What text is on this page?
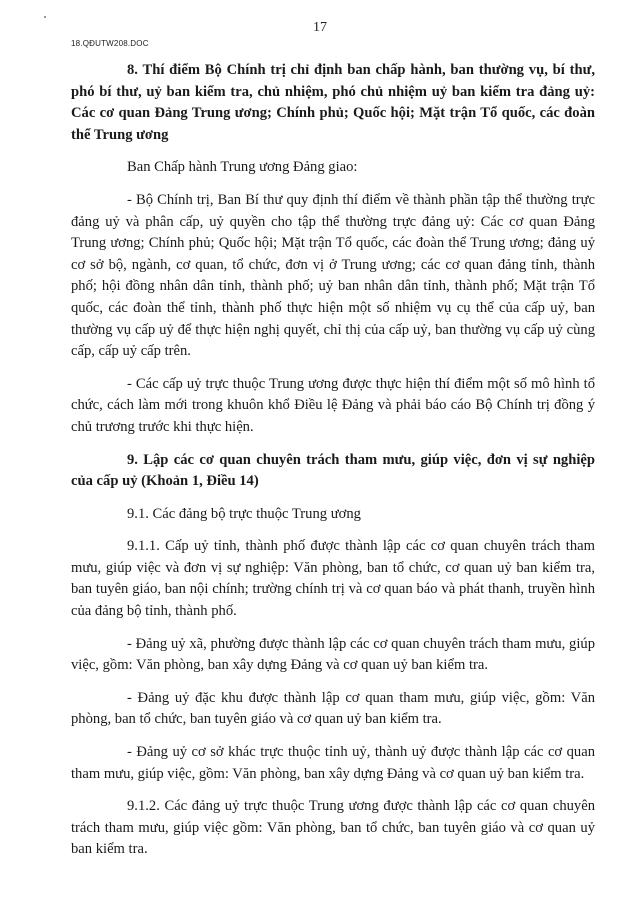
18.QĐUTW208.DOC
17

8. Thí điểm Bộ Chính trị chỉ định ban chấp hành, ban thường vụ, bí thư, phó bí thư, uỷ ban kiểm tra, chủ nhiệm, phó chủ nhiệm uỷ ban kiểm tra đảng uỷ: Các cơ quan Đảng Trung ương; Chính phủ; Quốc hội; Mặt trận Tổ quốc, các đoàn thể Trung ương

Ban Chấp hành Trung ương Đảng giao:

- Bộ Chính trị, Ban Bí thư quy định thí điểm về thành phần tập thể thường trực đảng uỷ và phân cấp, uỷ quyền cho tập thể thường trực đảng uỷ: Các cơ quan Đảng Trung ương; Chính phủ; Quốc hội; Mặt trận Tổ quốc, các đoàn thể Trung ương; đảng uỷ cơ sở bộ, ngành, cơ quan, tổ chức, đơn vị ở Trung ương; các cơ quan đảng tỉnh, thành phố; hội đồng nhân dân tỉnh, thành phố; uỷ ban nhân dân tỉnh, thành phố; Mặt trận Tổ quốc, các đoàn thể tỉnh, thành phố thực hiện một số nhiệm vụ cụ thể của cấp uỷ, ban thường vụ cấp uỷ để thực hiện nghị quyết, chỉ thị của cấp uỷ, ban thường vụ cấp uỷ cùng cấp, cấp uỷ cấp trên.

- Các cấp uỷ trực thuộc Trung ương được thực hiện thí điểm một số mô hình tổ chức, cách làm mới trong khuôn khổ Điều lệ Đảng và phải báo cáo Bộ Chính trị đồng ý chủ trương trước khi thực hiện.

9. Lập các cơ quan chuyên trách tham mưu, giúp việc, đơn vị sự nghiệp của cấp uỷ (Khoản 1, Điều 14)

9.1. Các đảng bộ trực thuộc Trung ương

9.1.1. Cấp uỷ tỉnh, thành phố được thành lập các cơ quan chuyên trách tham mưu, giúp việc và đơn vị sự nghiệp: Văn phòng, ban tổ chức, cơ quan uỷ ban kiểm tra, ban tuyên giáo, ban nội chính; trường chính trị và cơ quan báo và phát thanh, truyền hình của đảng bộ tỉnh, thành phố.

- Đảng uỷ xã, phường được thành lập các cơ quan chuyên trách tham mưu, giúp việc, gồm: Văn phòng, ban xây dựng Đảng và cơ quan uỷ ban kiểm tra.

- Đảng uỷ đặc khu được thành lập cơ quan tham mưu, giúp việc, gồm: Văn phòng, ban tổ chức, ban tuyên giáo và cơ quan uỷ ban kiểm tra.

- Đảng uỷ cơ sở khác trực thuộc tỉnh uỷ, thành uỷ được thành lập các cơ quan tham mưu, giúp việc, gồm: Văn phòng, ban xây dựng Đảng và cơ quan uỷ ban kiểm tra.

9.1.2. Các đảng uỷ trực thuộc Trung ương được thành lập các cơ quan chuyên trách tham mưu, giúp việc gồm: Văn phòng, ban tổ chức, ban tuyên giáo và cơ quan uỷ ban kiểm tra.
